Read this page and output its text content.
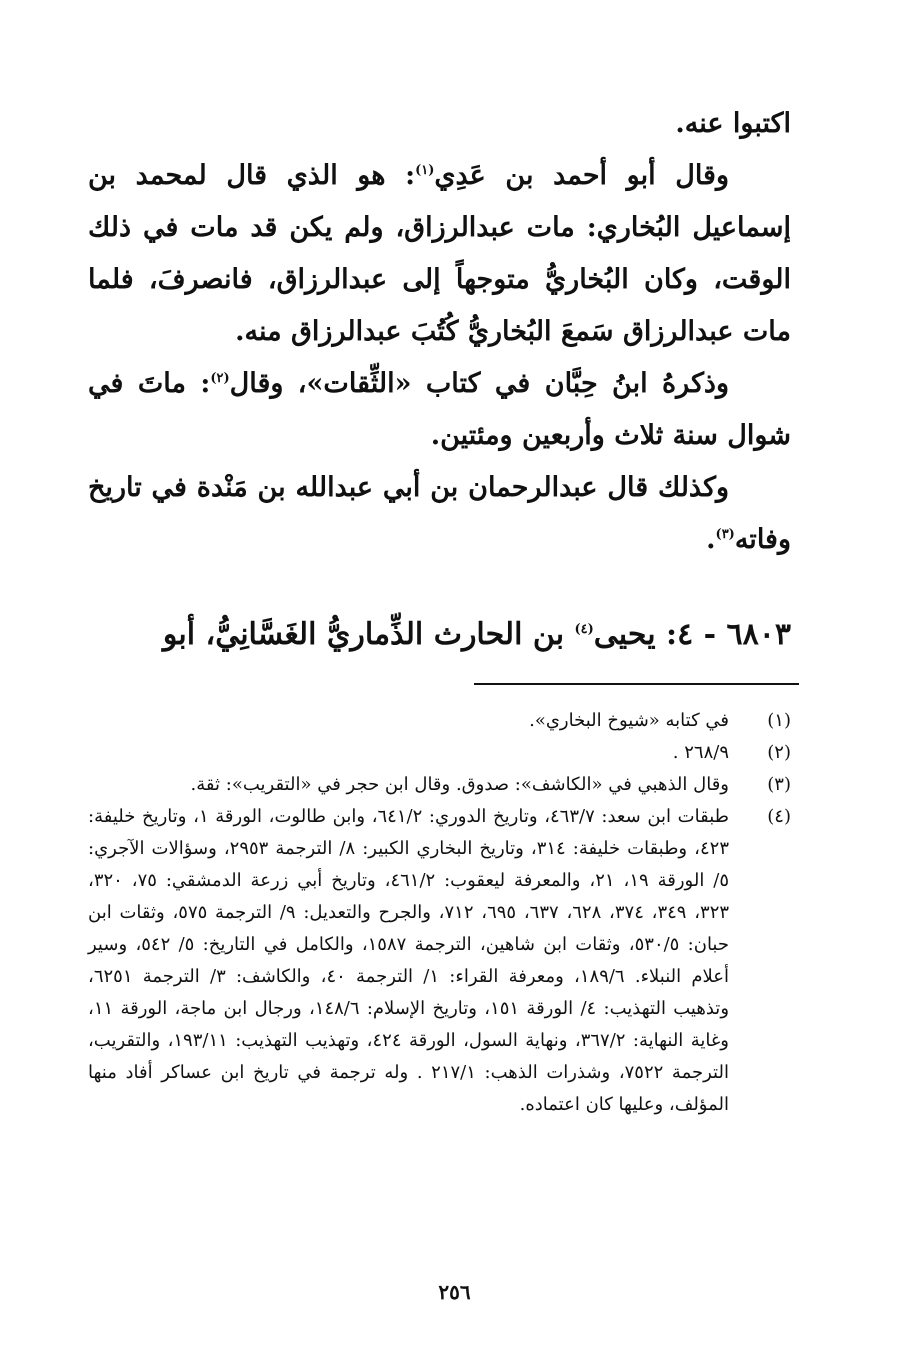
اكتبوا عنه.

وقال أبو أحمد بن عَدِي$^{(١)}$: هو الذي قال لمحمد بن إسماعيل البُخاري: مات عبدالرزاق، ولم يكن قد مات في ذلك الوقت، وكان البُخاريُّ متوجهاً إلى عبدالرزاق، فانصرفَ، فلما مات عبدالرزاق سَمعَ البُخاريُّ كُتُبَ عبدالرزاق منه.

وذكرهُ ابنُ حِبَّان في كتاب «الثِّقات»، وقال$^{(٢)}$: ماتَ في شوال سنة ثلاث وأربعين ومئتين.

وكذلك قال عبدالرحمان بن أبي عبدالله بن مَنْدة في تاريخ وفاته$^{(٣)}$.

٦٨٠٣ - ٤: يحيى$^{(٤)}$ بن الحارث الذِّماريُّ الغَسَّانِيُّ، أبو
(١)

في كتابه «شيوخ البخاري».

(٢)

٢٦٨/٩ .

(٣)

وقال الذهبي في «الكاشف»: صدوق. وقال ابن حجر في «التقريب»: ثقة.

(٤)

طبقات ابن سعد: ٤٦٣/٧، وتاريخ الدوري: ٦٤١/٢، وابن طالوت، الورقة ١، وتاريخ خليفة: ٤٢٣، وطبقات خليفة: ٣١٤، وتاريخ البخاري الكبير: ٨/ الترجمة ٢٩٥٣، وسؤالات الآجري: ٥/ الورقة ١٩، ٢١، والمعرفة ليعقوب: ٤٦١/٢، وتاريخ أبي زرعة الدمشقي: ٧٥، ٣٢٠، ٣٢٣، ٣٤٩، ٣٧٤، ٦٢٨، ٦٣٧، ٦٩٥، ٧١٢، والجرح والتعديل: ٩/ الترجمة ٥٧٥، وثقات ابن حبان: ٥٣٠/٥، وثقات ابن شاهين، الترجمة ١٥٨٧، والكامل في التاريخ: ٥/ ٥٤٢، وسير أعلام النبلاء. ١٨٩/٦، ومعرفة القراء: ١/ الترجمة ٤٠، والكاشف: ٣/ الترجمة ٦٢٥١، وتذهيب التهذيب: ٤/ الورقة ١٥١، وتاريخ الإسلام: ١٤٨/٦، ورجال ابن ماجة، الورقة ١١، وغاية النهاية: ٣٦٧/٢، ونهاية السول، الورقة ٤٢٤، وتهذيب التهذيب: ١٩٣/١١، والتقريب، الترجمة ٧٥٢٢، وشذرات الذهب: ٢١٧/١ . وله ترجمة في تاريخ ابن عساكر أفاد منها المؤلف، وعليها كان اعتماده.

٢٥٦
